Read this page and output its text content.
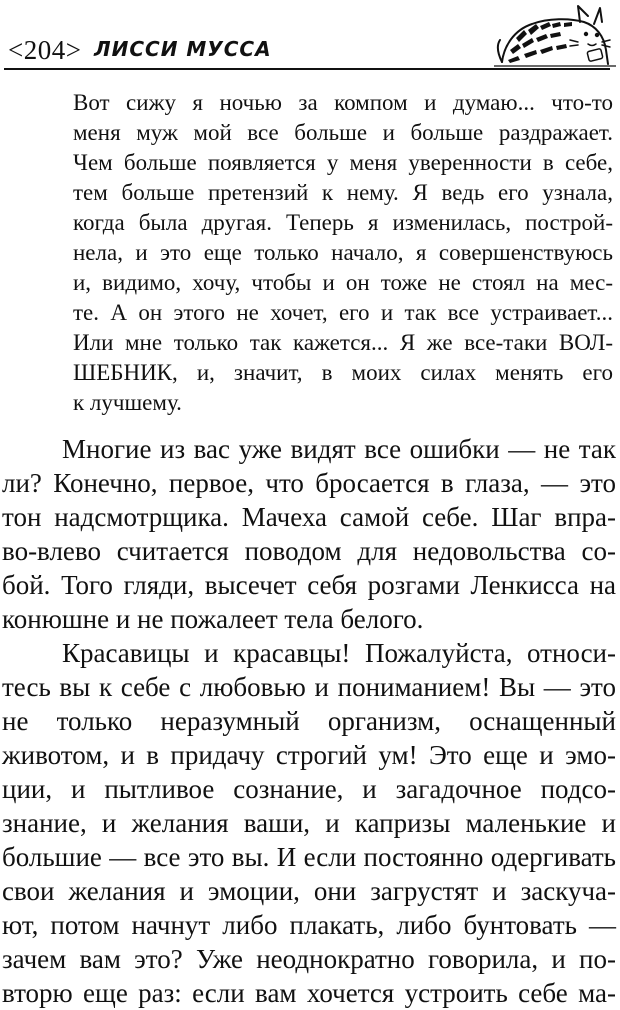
<204> ЛИССИ МУССА
Вот сижу я ночью за компом и думаю... что-то
меня муж мой все больше и больше раздражает.
Чем больше появляется у меня уверенности в себе,
тем больше претензий к нему. Я ведь его узнала,
когда была другая. Теперь я изменилась, построй-
нела, и это еще только начало, я совершенствуюсь
и, видимо, хочу, чтобы и он тоже не стоял на мес-
те. А он этого не хочет, его и так все устраивает...
Или мне только так кажется... Я же все-таки ВОЛ-
ШЕБНИК, и, значит, в моих силах менять его
к лучшему.
Многие из вас уже видят все ошибки — не так
ли? Конечно, первое, что бросается в глаза, — это
тон надсмотрщика. Мачеха самой себе. Шаг впра-
во-влево считается поводом для недовольства со-
бой. Того гляди, высечет себя розгами Ленкисса на
конюшне и не пожалеет тела белого.
Красавицы и красавцы! Пожалуйста, относи-
тесь вы к себе с любовью и пониманием! Вы — это
не только неразумный организм, оснащенный
животом, и в придачу строгий ум! Это еще и эмо-
ции, и пытливое сознание, и загадочное подсо-
знание, и желания ваши, и капризы маленькие и
большие — все это вы. И если постоянно одергивать
свои желания и эмоции, они загрустят и заскуча-
ют, потом начнут либо плакать, либо бунтовать —
зачем вам это? Уже неоднократно говорила, и по-
вторю еще раз: если вам хочется устроить себе ма-
